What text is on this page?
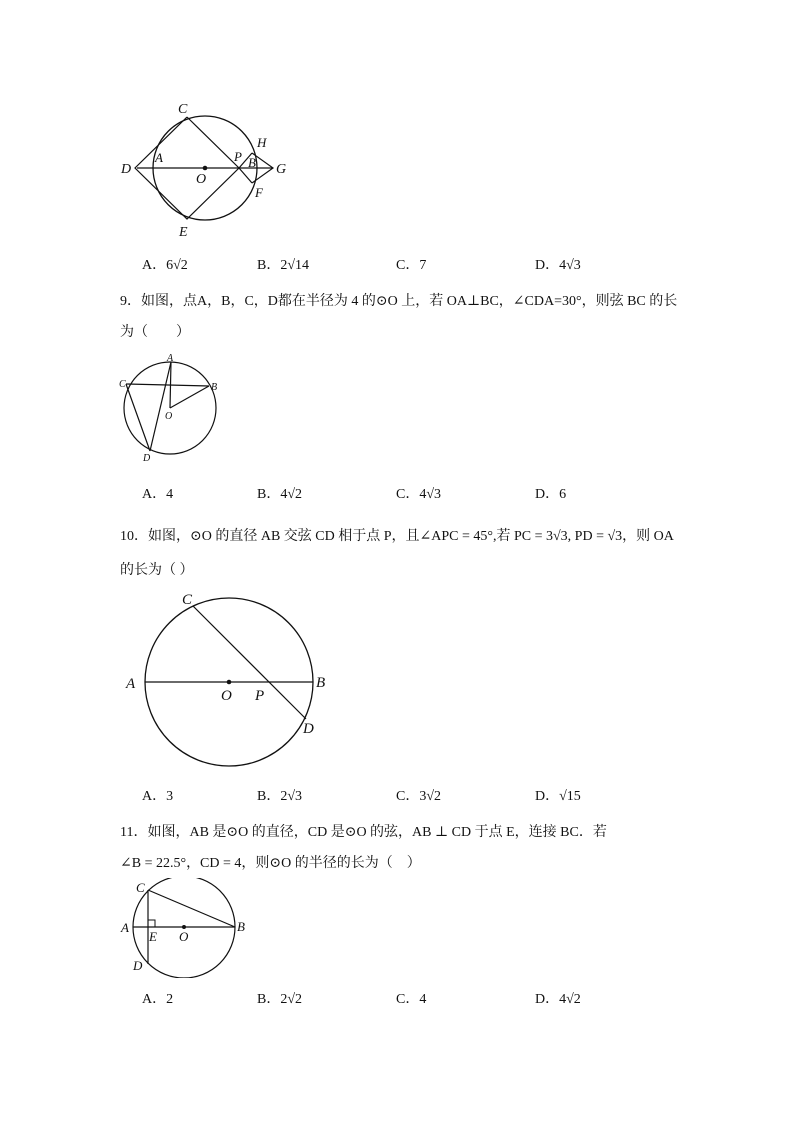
C
H
D
A	P B G
O
F
E
A．6√2	B．2√14	C．7	D．4√3
9．如图，点A，B，C，D都在半径为 4 的⊙O 上，若 OA⊥BC，∠CDA=30°，则弦 BC 的长
为（　　）
A
C	B
O
D
A．4	B．4√2	C．4√3	D．6
10．如图，⊙O 的直径 AB 交弦 CD 相于点 P，且∠APC = 45°,若 PC = 3√3, PD = √3，则 OA
的长为（ ）
C
A	B
O P
D
A．3	B．2√3	C．3√2	D．√15
11．如图，AB 是⊙O 的直径，CD 是⊙O 的弦，AB ⊥ CD 于点 E，连接 BC．若
∠B = 22.5°，CD = 4，则⊙O 的半径的长为（　）
C
A
E O
B
D
A．2	B．2√2	C．4	D．4√2
